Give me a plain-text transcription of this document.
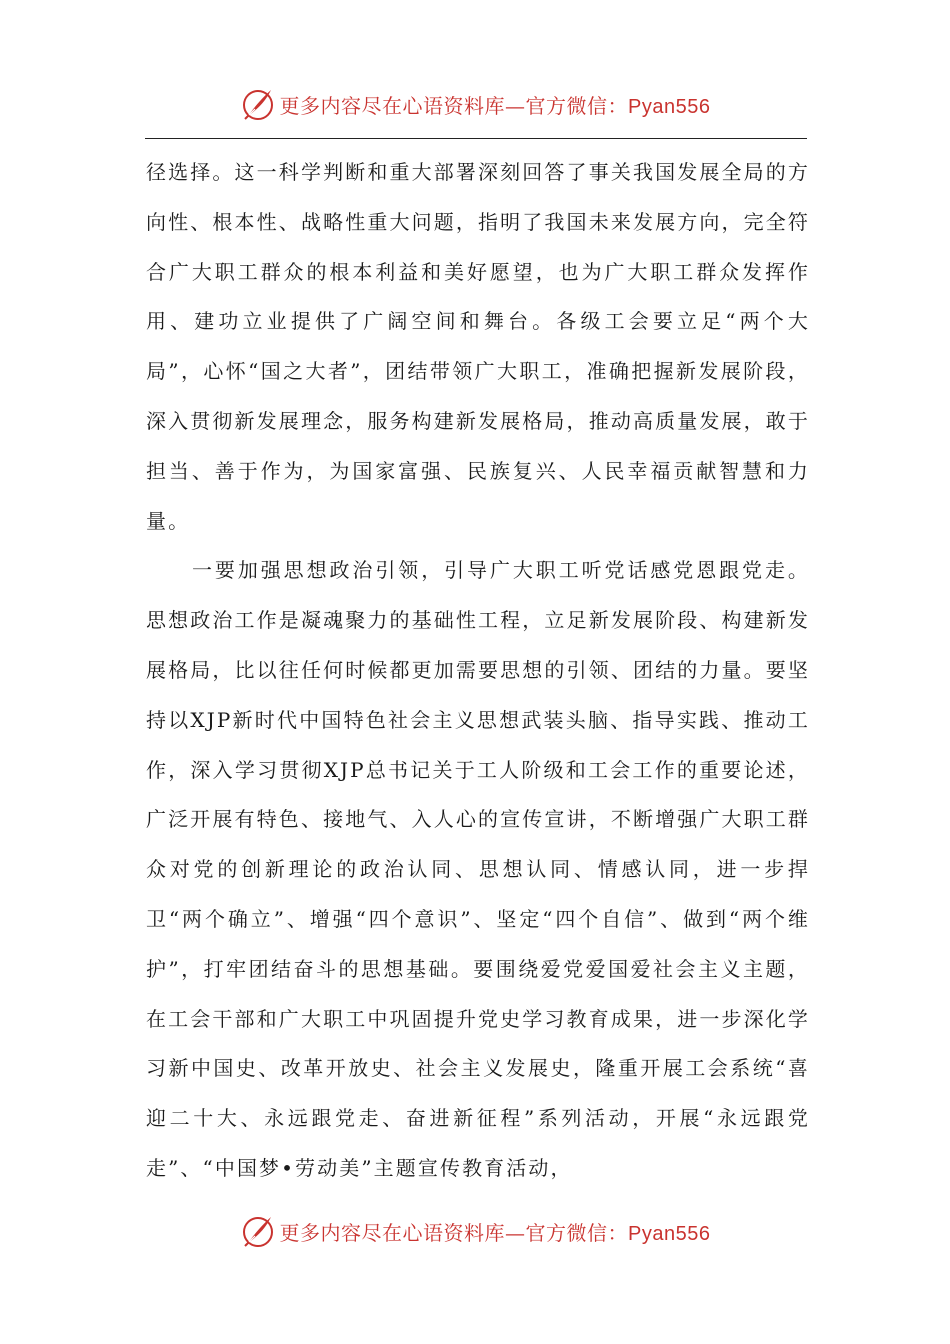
更多内容尽在心语资料库—官方微信：Pyan556

径选择。这一科学判断和重大部署深刻回答了事关我国发展全局的方向性、根本性、战略性重大问题，指明了我国未来发展方向，完全符合广大职工群众的根本利益和美好愿望，也为广大职工群众发挥作用、建功立业提供了广阔空间和舞台。各级工会要立足“两个大局”，心怀“国之大者”，团结带领广大职工，准确把握新发展阶段，深入贯彻新发展理念，服务构建新发展格局，推动高质量发展，敢于担当、善于作为，为国家富强、民族复兴、人民幸福贡献智慧和力量。

一要加强思想政治引领，引导广大职工听党话感党恩跟党走。思想政治工作是凝魂聚力的基础性工程，立足新发展阶段、构建新发展格局，比以往任何时候都更加需要思想的引领、团结的力量。要坚持以XJP新时代中国特色社会主义思想武装头脑、指导实践、推动工作，深入学习贯彻XJP总书记关于工人阶级和工会工作的重要论述，广泛开展有特色、接地气、入人心的宣传宣讲，不断增强广大职工群众对党的创新理论的政治认同、思想认同、情感认同，进一步捍卫“两个确立”、增强“四个意识”、坚定“四个自信”、做到“两个维护”，打牢团结奋斗的思想基础。要围绕爱党爱国爱社会主义主题，在工会干部和广大职工中巩固提升党史学习教育成果，进一步深化学习新中国史、改革开放史、社会主义发展史，隆重开展工会系统“喜迎二十大、永远跟党走、奋进新征程”系列活动，开展“永远跟党走”、“中国梦•劳动美”主题宣传教育活动，

更多内容尽在心语资料库—官方微信：Pyan556
